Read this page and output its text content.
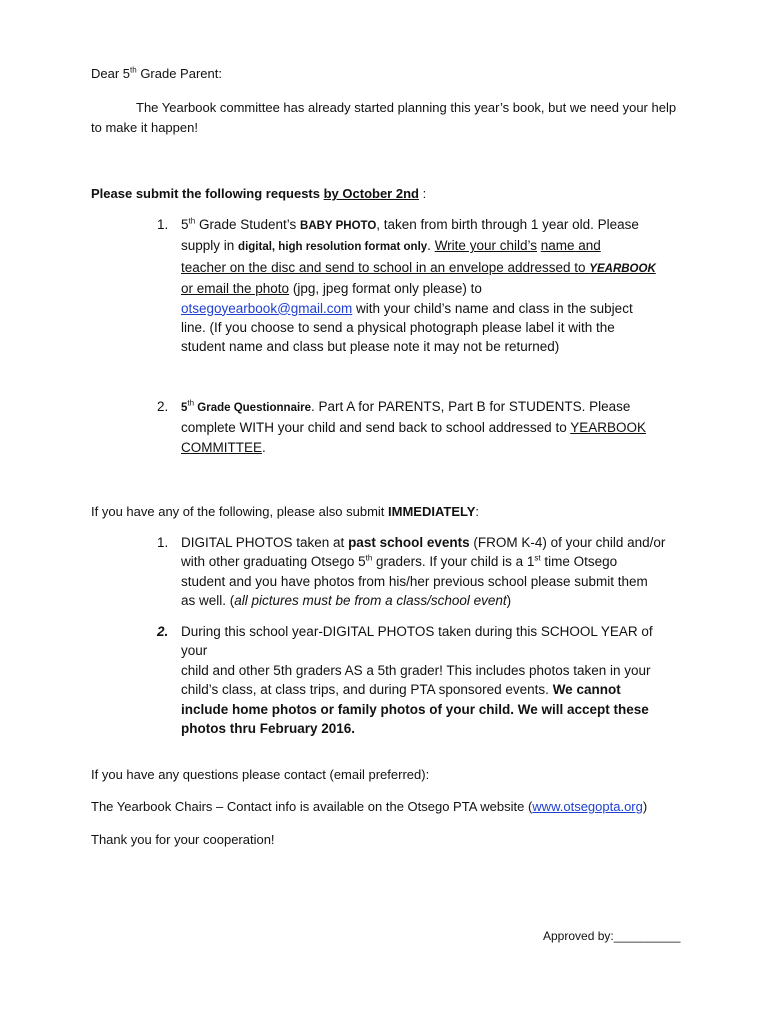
Dear 5th Grade Parent:
The Yearbook committee has already started planning this year’s book, but we need your help
to make it happen!
Please submit the following requests by October 2nd :
1. 5th Grade Student’s BABY PHOTO, taken from birth through 1 year old. Please
supply in digital, high resolution format only. Write your child’s name and
teacher on the disc and send to school in an envelope addressed to YEARBOOK
or email the photo (jpg, jpeg format only please) to
otsegoyearbook@gmail.com with your child’s name and class in the subject
line. (If you choose to send a physical photograph please label it with the
student name and class but please note it may not be returned)
2.	5th Grade Questionnaire. Part A for PARENTS, Part B for STUDENTS. Please
complete WITH your child and send back to school addressed to YEARBOOK
COMMITTEE.
If you have any of the following, please also submit IMMEDIATELY:
1. DIGITAL PHOTOS taken at past school events (FROM K-4) of your child and/or
with other graduating Otsego 5th graders. If your child is a 1st time Otsego
student and you have photos from his/her previous school please submit them
as well. (all pictures must be from a class/school event)
2. During this school year-DIGITAL PHOTOS taken during this SCHOOL YEAR of your
child and other 5th graders AS a 5th grader! This includes photos taken in your
child’s class, at class trips, and during PTA sponsored events. We cannot
include home photos or family photos of your child. We will accept these
photos thru February 2016.
If you have any questions please contact (email preferred):
The Yearbook Chairs – Contact info is available on the Otsego PTA website (www.otsegopta.org)
Thank you for your cooperation!
Approved by:__________
